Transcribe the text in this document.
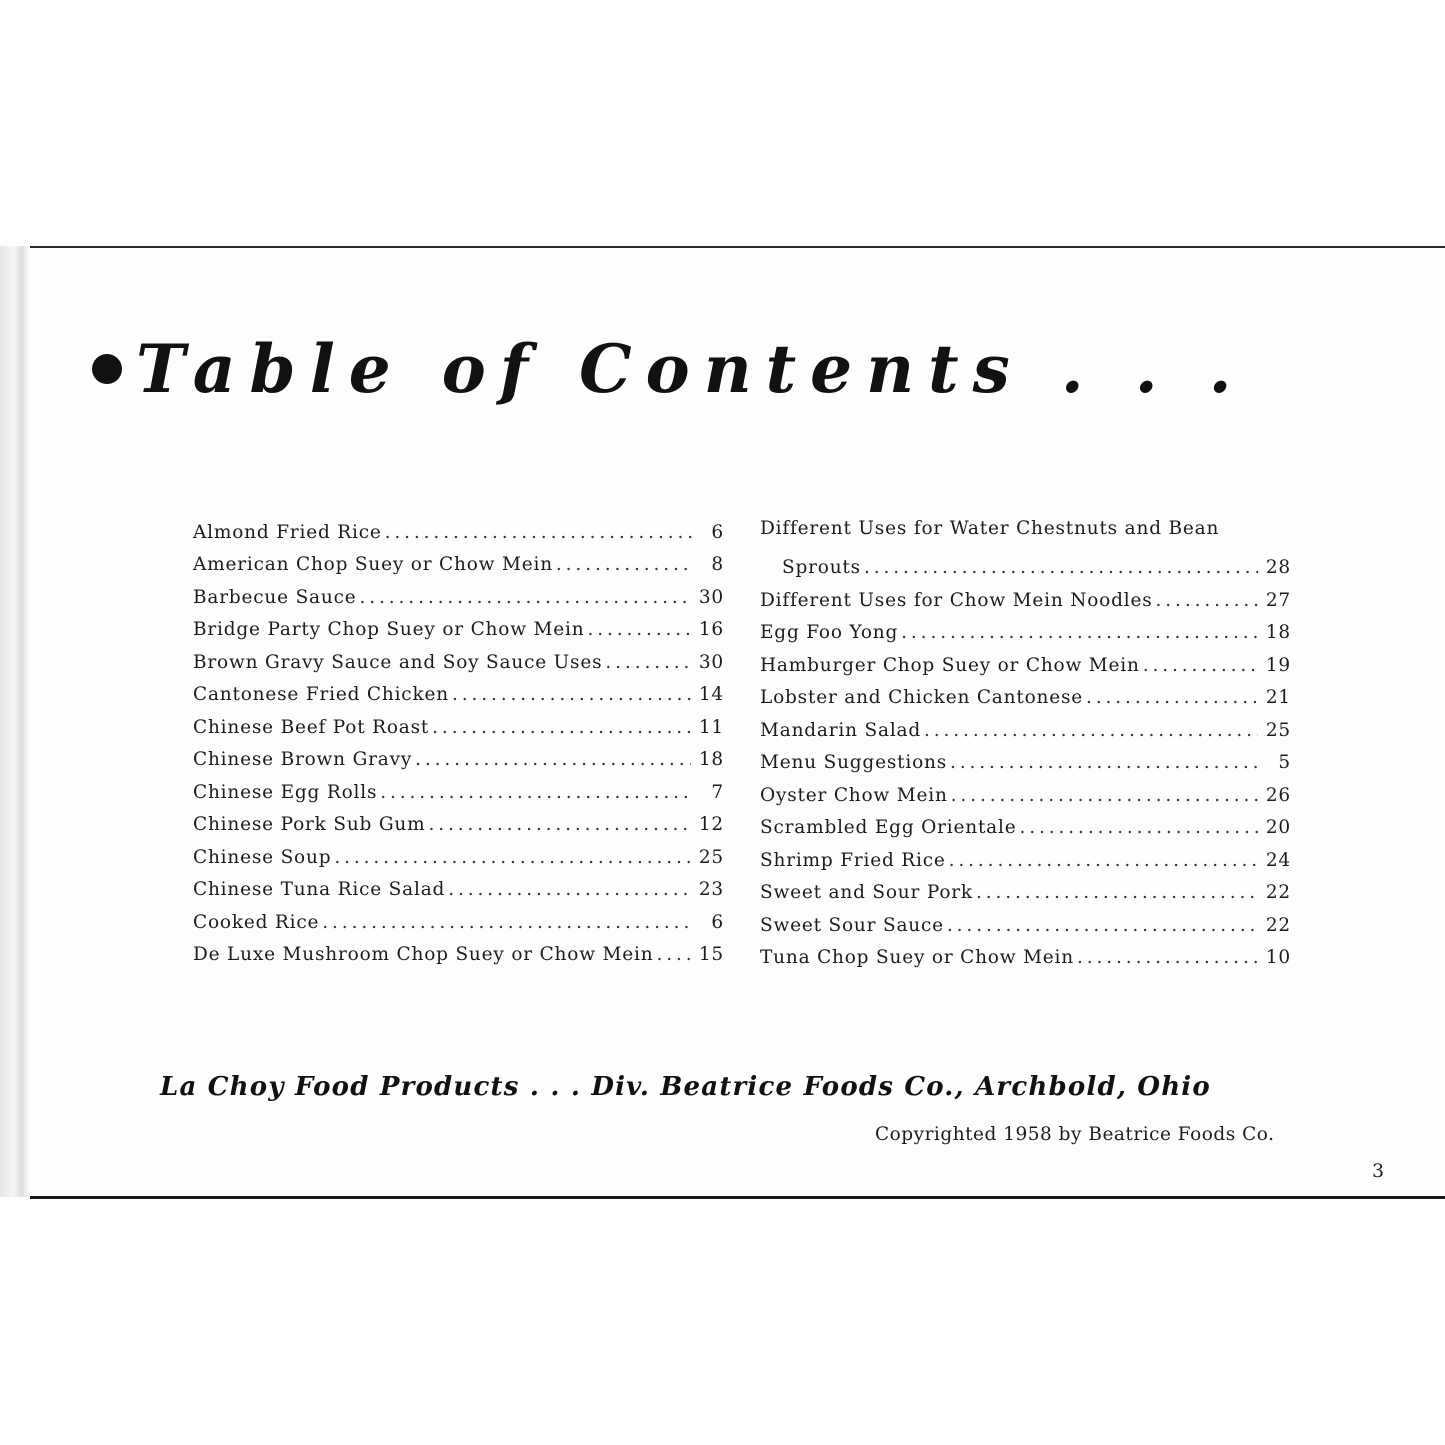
Table of Contents . . .
Almond Fried Rice . . .	6
American Chop Suey or Chow Mein . . .	8
Barbecue Sauce . . .	30
Bridge Party Chop Suey or Chow Mein . . .	16
Brown Gravy Sauce and Soy Sauce Uses . . .	30
Cantonese Fried Chicken . . .	14
Chinese Beef Pot Roast . . .	11
Chinese Brown Gravy . . .	18
Chinese Egg Rolls . . .	7
Chinese Pork Sub Gum . . .	12
Chinese Soup . . .	25
Chinese Tuna Rice Salad . . .	23
Cooked Rice . . .	6
De Luxe Mushroom Chop Suey or Chow Mein . . . 15
Different Uses for Water Chestnuts and Bean
Sprouts . . .	28
Different Uses for Chow Mein Noodles . . .	27
Egg Foo Yong . . .	18
Hamburger Chop Suey or Chow Mein . . .	19
Lobster and Chicken Cantonese . . .	21
Mandarin Salad . . .	25
Menu Suggestions . . .	5
Oyster Chow Mein . . .	26
Scrambled Egg Orientale . . .	20
Shrimp Fried Rice . . .	24
Sweet and Sour Pork . . .	22
Sweet Sour Sauce . . .	22
Tuna Chop Suey or Chow Mein . . .	10

La Choy Food Products . . . Div. Beatrice Foods Co., Archbold, Ohio

Copyrighted 1958 by Beatrice Foods Co.
3
